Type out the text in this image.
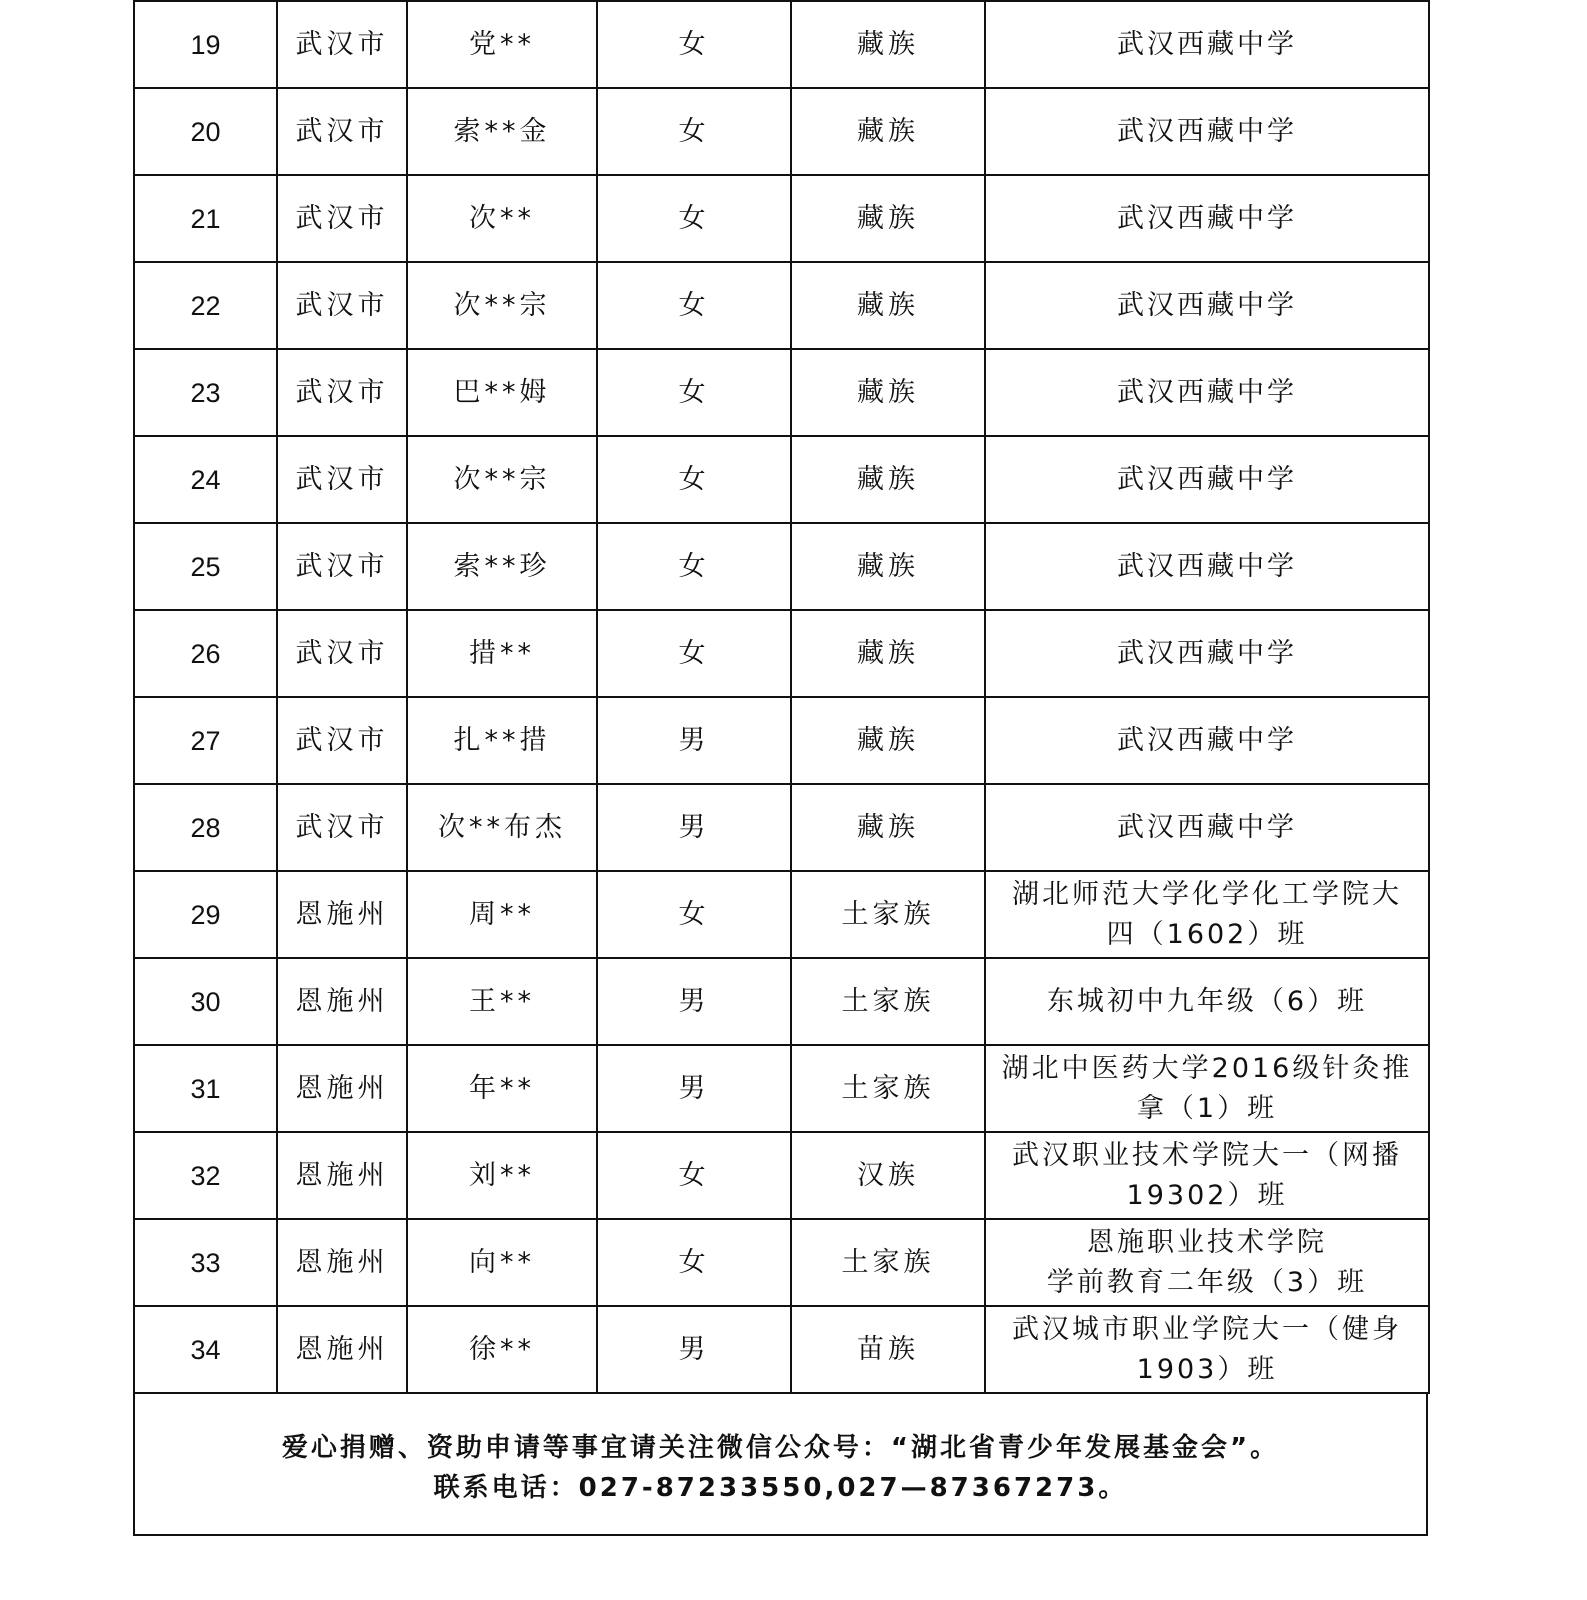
19	武汉市	党**	女	藏族	武汉西藏中学

20	武汉市	索**金	女	藏族	武汉西藏中学

21	武汉市	次**	女	藏族	武汉西藏中学

22	武汉市	次**宗	女	藏族	武汉西藏中学

23	武汉市	巴**姆	女	藏族	武汉西藏中学

24	武汉市	次**宗	女	藏族	武汉西藏中学

25	武汉市	索**珍	女	藏族	武汉西藏中学

26	武汉市	措**	女	藏族	武汉西藏中学

27	武汉市	扎**措	男	藏族	武汉西藏中学

28	武汉市	次**布杰	男	藏族	武汉西藏中学

29	恩施州	周**	女	土家族	湖北师范大学化学化工学院大
四（1602）班

30	恩施州	王**	男	土家族	东城初中九年级（6）班

31	恩施州	年**	男	土家族	湖北中医药大学2016级针灸推
拿（1）班

32	恩施州	刘**	女	汉族	武汉职业技术学院大一（网播
19302）班

33	恩施州	向**	女	土家族	恩施职业技术学院
学前教育二年级（3）班

34	恩施州	徐**	男	苗族	武汉城市职业学院大一（健身
1903）班
爱心捐赠、资助申请等事宜请关注微信公众号：“湖北省青少年发展基金会”。
联系电话：027-87233550,027—87367273。
